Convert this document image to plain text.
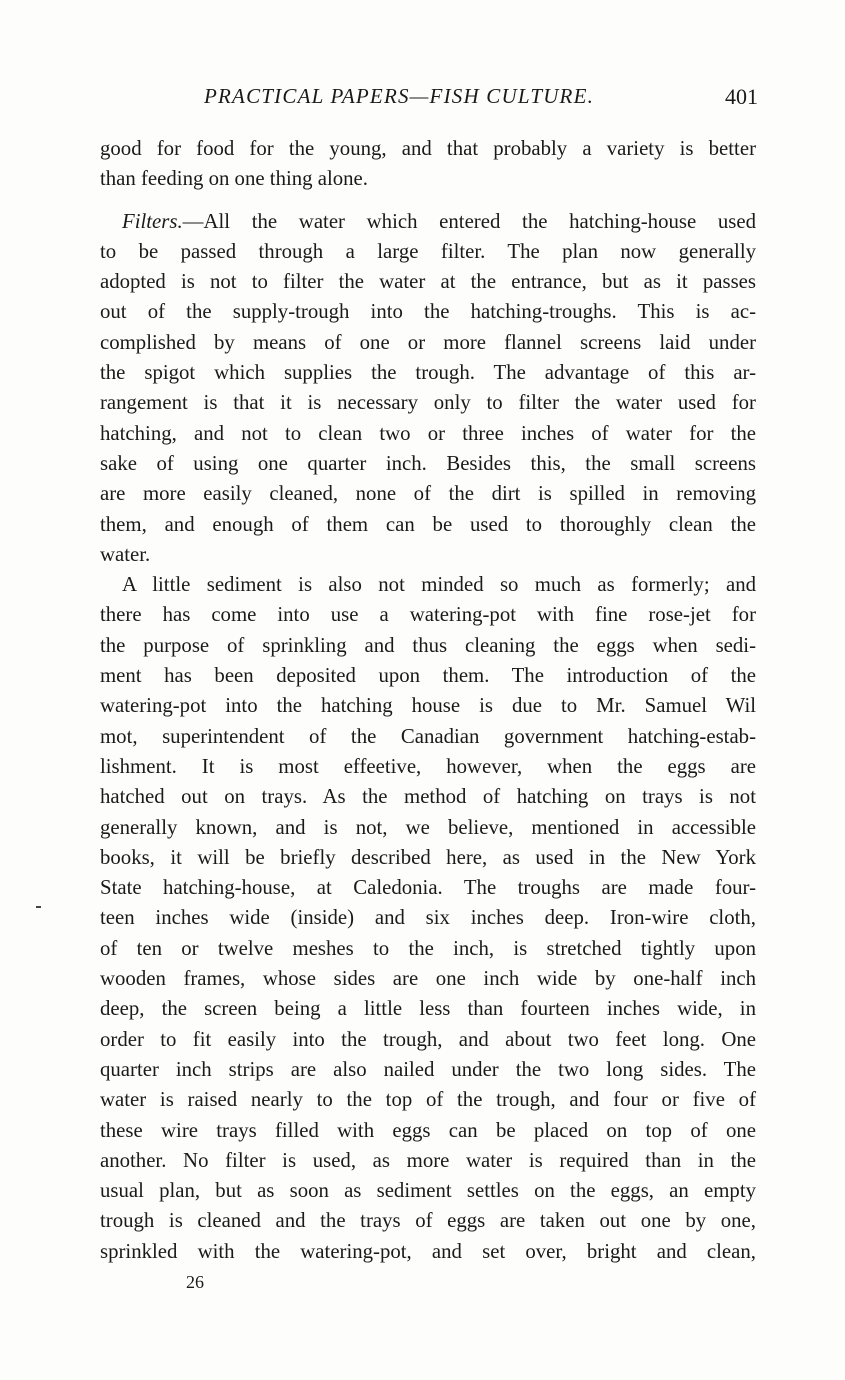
PRACTICAL PAPERS—FISH CULTURE.	401
good for food for the young, and that probably a variety is better
than feeding on one thing alone.
Filters.—All the water which entered the hatching-house used
to be passed through a large filter. The plan now generally
adopted is not to filter the water at the entrance, but as it passes
out of the supply-trough into the hatching-troughs. This is ac-
complished by means of one or more flannel screens laid under
the spigot which supplies the trough. The advantage of this ar-
rangement is that it is necessary only to filter the water used for
hatching, and not to clean two or three inches of water for the
sake of using one quarter inch. Besides this, the small screens
are more easily cleaned, none of the dirt is spilled in removing
them, and enough of them can be used to thoroughly clean the
water.
A little sediment is also not minded so much as formerly; and
there has come into use a watering-pot with fine rose-jet for
the purpose of sprinkling and thus cleaning the eggs when sedi-
ment has been deposited upon them. The introduction of the
watering-pot into the hatching house is due to Mr. Samuel Wil
mot, superintendent of the Canadian government hatching-estab-
lishment. It is most effeetive, however, when the eggs are
hatched out on trays. As the method of hatching on trays is not
generally known, and is not, we believe, mentioned in accessible
books, it will be briefly described here, as used in the New York
State hatching-house, at Caledonia. The troughs are made four-
teen inches wide (inside) and six inches deep. Iron-wire cloth,
of ten or twelve meshes to the inch, is stretched tightly upon
wooden frames, whose sides are one inch wide by one-half inch
deep, the screen being a little less than fourteen inches wide, in
order to fit easily into the trough, and about two feet long. One
quarter inch strips are also nailed under the two long sides. The
water is raised nearly to the top of the trough, and four or five of
these wire trays filled with eggs can be placed on top of one
another. No filter is used, as more water is required than in the
usual plan, but as soon as sediment settles on the eggs, an empty
trough is cleaned and the trays of eggs are taken out one by one,
sprinkled with the watering-pot, and set over, bright and clean,
26
